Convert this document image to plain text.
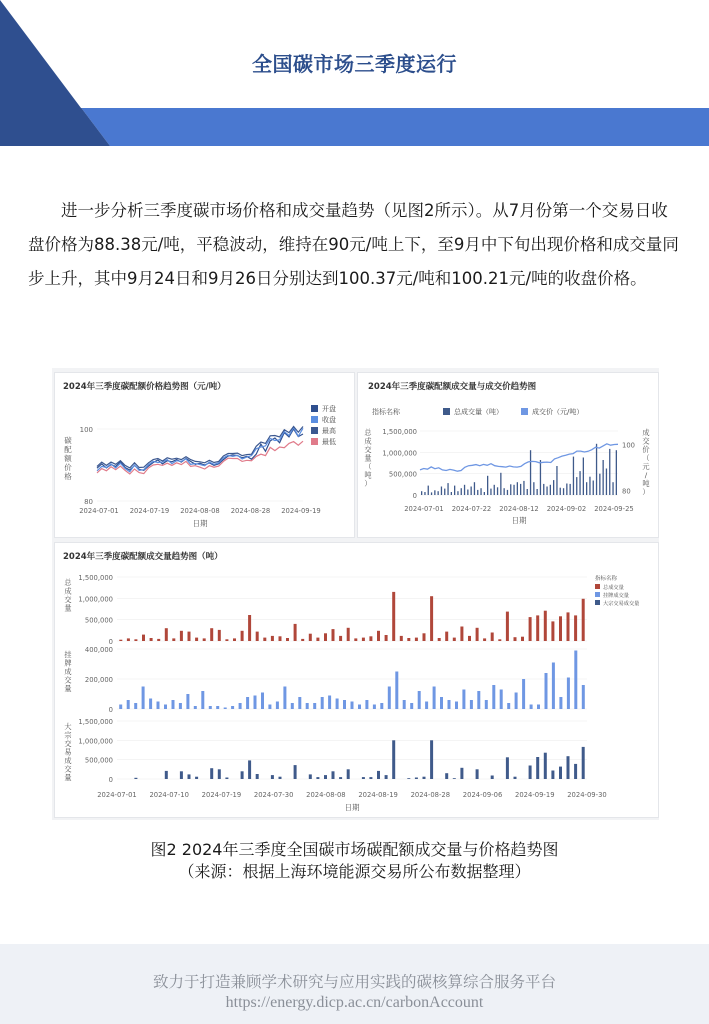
全国碳市场三季度运行

进一步分析三季度碳市场价格和成交量趋势（见图2所示）。从7月份第一个交易日收盘价格为88.38元/吨，平稳波动，维持在90元/吨上下，至9月中下旬出现价格和成交量同步上升，其中9月24日和9月26日分别达到100.37元/吨和100.21元/吨的收盘价格。

2024年三季度碳配额价格趋势图（元/吨）
80
100
碳
配
额
价
格
2024-07-01 2024-07-19 2024-08-08 2024-08-28 2024-09-19
日期
开盘
收盘
最高
最低
2024年三季度碳配额成交量与成交价趋势图
指标名称	总成交量（吨）	成交价（元/吨）
0
500,000
1,000,000
1,500,000
总
成
交
量
（
吨
）
成
交
价
（
元
/
吨
）
80
100
2024-07-01 2024-07-22 2024-08-12 2024-09-02 2024-09-25
日期
2024年三季度碳配额成交量趋势图（吨）
0
500,000
1,000,000
1,500,000
总
成
交
量
0
200,000
400,000
挂
牌
成
交
量
0
500,000
1,000,000
1,500,000
大
宗
交
易
成
交
量
2024-07-01 2024-07-10 2024-07-19 2024-07-30 2024-08-08 2024-08-19 2024-08-28 2024-09-06 2024-09-19 2024-09-30
日期
指标名称
总成交量
挂牌成交量
大宗交易成交量
图2 2024年三季度全国碳市场碳配额成交量与价格趋势图
（来源：根据上海环境能源交易所公布数据整理）
致力于打造兼顾学术研究与应用实践的碳核算综合服务平台
https://energy.dicp.ac.cn/carbonAccount
